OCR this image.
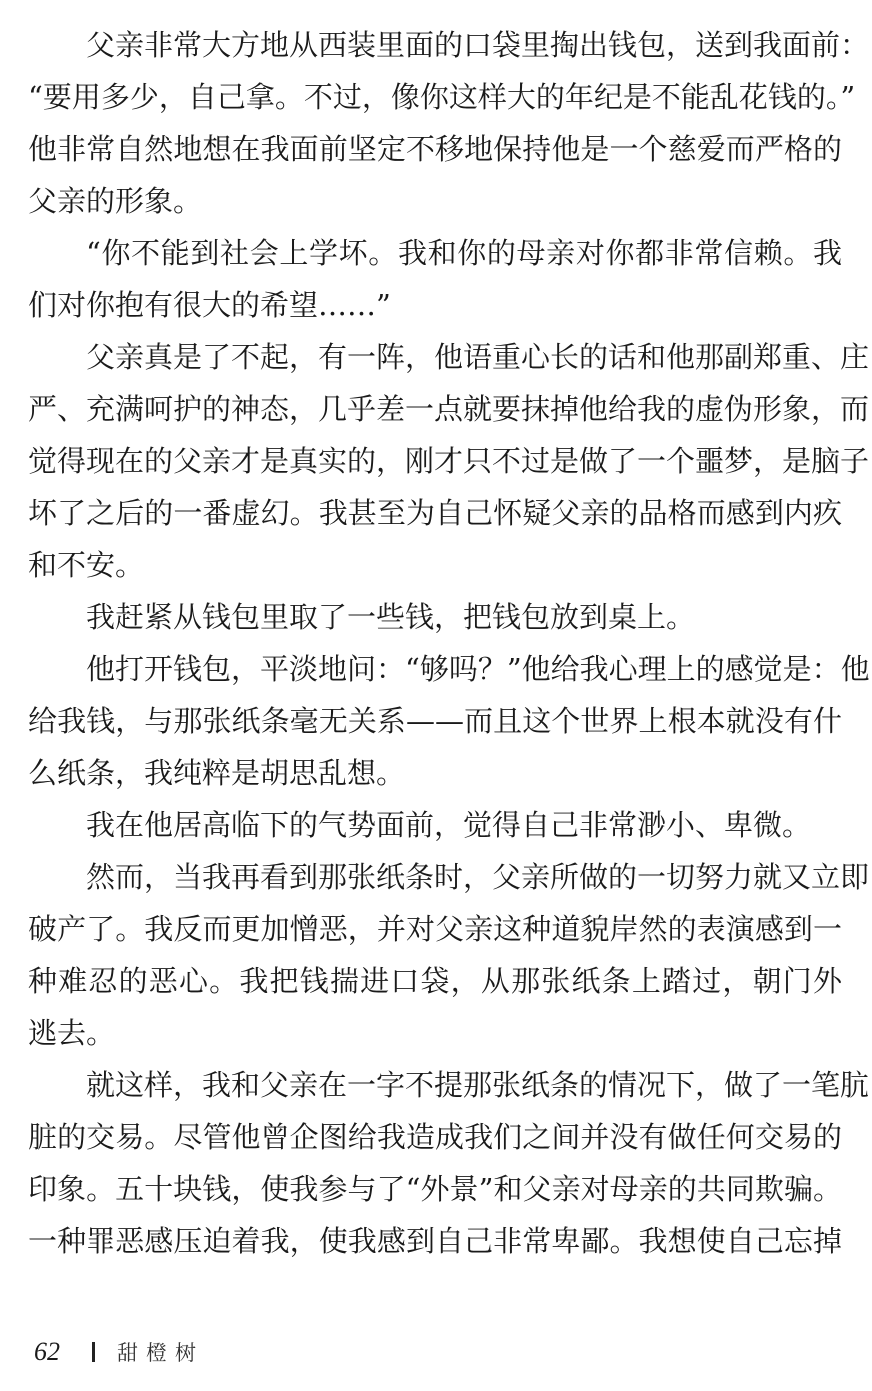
父亲非常大方地从西装里面的口袋里掏出钱包，送到我面前：
“要用多少，自己拿。不过，像你这样大的年纪是不能乱花钱的。”
他非常自然地想在我面前坚定不移地保持他是一个慈爱而严格的
父亲的形象。
“你不能到社会上学坏。我和你的母亲对你都非常信赖。我
们对你抱有很大的希望……”
父亲真是了不起，有一阵，他语重心长的话和他那副郑重、庄
严、充满呵护的神态，几乎差一点就要抹掉他给我的虚伪形象，而
觉得现在的父亲才是真实的，刚才只不过是做了一个噩梦，是脑子
坏了之后的一番虚幻。我甚至为自己怀疑父亲的品格而感到内疚
和不安。
我赶紧从钱包里取了一些钱，把钱包放到桌上。
他打开钱包，平淡地问：“够吗？”他给我心理上的感觉是：他
给我钱，与那张纸条毫无关系——而且这个世界上根本就没有什
么纸条，我纯粹是胡思乱想。
我在他居高临下的气势面前，觉得自己非常渺小、卑微。
然而，当我再看到那张纸条时，父亲所做的一切努力就又立即
破产了。我反而更加憎恶，并对父亲这种道貌岸然的表演感到一
种难忍的恶心。我把钱揣进口袋，从那张纸条上踏过，朝门外
逃去。
就这样，我和父亲在一字不提那张纸条的情况下，做了一笔肮
脏的交易。尽管他曾企图给我造成我们之间并没有做任何交易的
印象。五十块钱，使我参与了“外景”和父亲对母亲的共同欺骗。
一种罪恶感压迫着我，使我感到自己非常卑鄙。我想使自己忘掉
62	甜橙树
